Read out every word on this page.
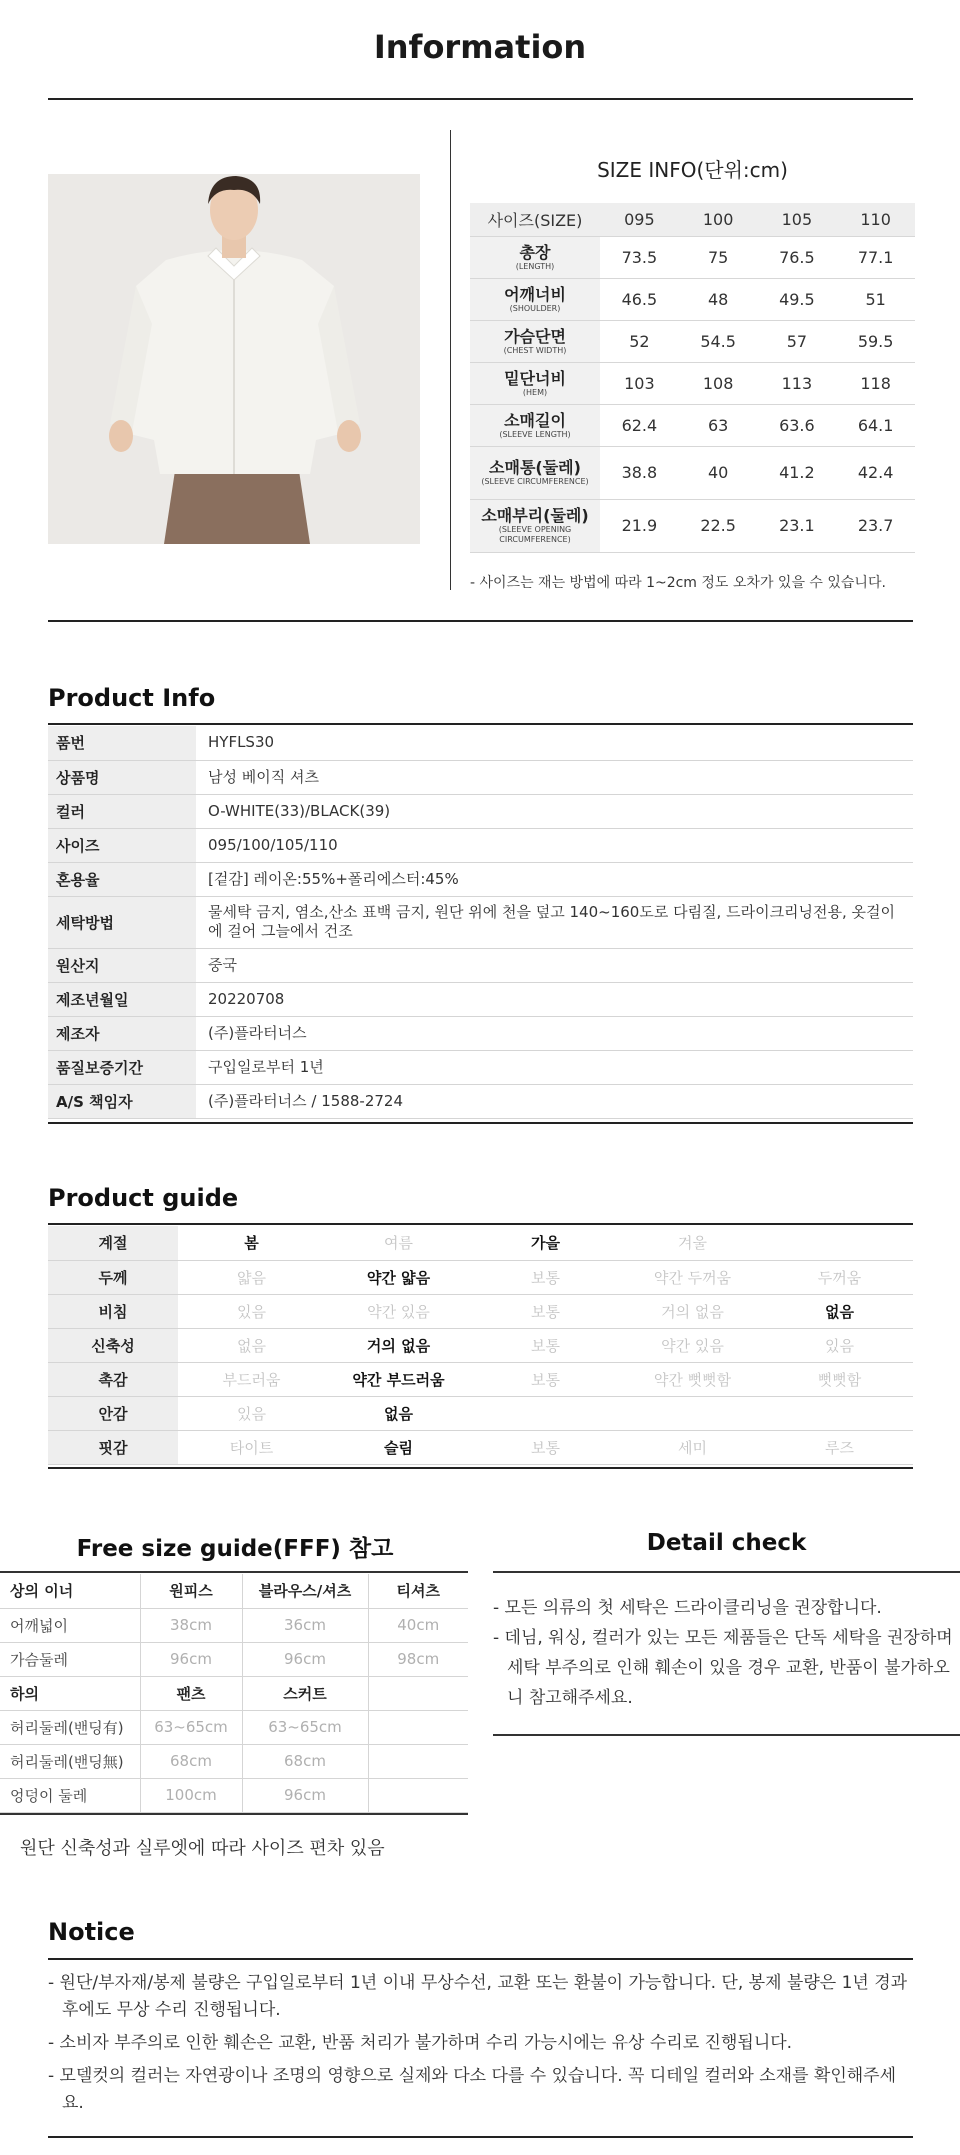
Information
SIZE INFO(단위:cm)
사이즈(SIZE)	095	100	105	110

총장
(LENGTH)	73.5	75	76.5	77.1

어깨너비
(SHOULDER)	46.5	48	49.5	51

가슴단면
(CHEST WIDTH)	52	54.5	57	59.5

밑단너비
(HEM)	103	108	113	118

소매길이
(SLEEVE LENGTH)	62.4	63	63.6	64.1

소매통(둘레)
(SLEEVE CIRCUMFERENCE)	38.8	40	41.2	42.4

소매부리(둘레)
(SLEEVE OPENING CIRCUMFERENCE)	21.9	22.5	23.1	23.7
- 사이즈는 재는 방법에 따라 1~2cm 정도 오차가 있을 수 있습니다.
Product Info
품번	HYFLS30
상품명	남성 베이직 셔츠
컬러	O-WHITE(33)/BLACK(39)
사이즈	095/100/105/110
혼용율	[겉감] 레이온:55%+폴리에스터:45%
세탁방법	물세탁 금지, 염소,산소 표백 금지, 원단 위에 천을 덮고 140~160도로 다림질, 드라이크리닝전용, 옷걸이에 걸어 그늘에서 건조
원산지	중국
제조년월일	20220708
제조자	(주)플라터너스
품질보증기간	구입일로부터 1년
A/S 책임자	(주)플라터너스 / 1588-2724
Product guide
계절	봄	여름	가을	겨울	
두께	얇음	약간 얇음	보통	약간 두꺼움	두꺼움
비침	있음	약간 있음	보통	거의 없음	없음
신축성	없음	거의 없음	보통	약간 있음	있음
촉감	부드러움	약간 부드러움	보통	약간 뻣뻣함	뻣뻣함
안감	있음	없음			
핏감	타이트	슬림	보통	세미	루즈
Free size guide(FFF) 참고
상의 이너	원피스	블라우스/셔츠	티셔츠
어깨넓이	38cm	36cm	40cm
가슴둘레	96cm	96cm	98cm
하의	팬츠	스커트	
허리둘레(밴딩有)	63~65cm	63~65cm	
허리둘레(밴딩無)	68cm	68cm	
엉덩이 둘레	100cm	96cm	
원단 신축성과 실루엣에 따라 사이즈 편차 있음
Detail check
- 모든 의류의 첫 세탁은 드라이클리닝을 권장합니다.
- 데님, 워싱, 컬러가 있는 모든 제품들은 단독 세탁을 권장하며 세탁 부주의로 인해 훼손이 있을 경우 교환, 반품이 불가하오니 참고해주세요.
Notice
- 원단/부자재/봉제 불량은 구입일로부터 1년 이내 무상수선, 교환 또는 환불이 가능합니다. 단, 봉제 불량은 1년 경과 후에도 무상 수리 진행됩니다.
- 소비자 부주의로 인한 훼손은 교환, 반품 처리가 불가하며 수리 가능시에는 유상 수리로 진행됩니다.
- 모델컷의 컬러는 자연광이나 조명의 영향으로 실제와 다소 다를 수 있습니다. 꼭 디테일 컬러와 소재를 확인해주세요.
